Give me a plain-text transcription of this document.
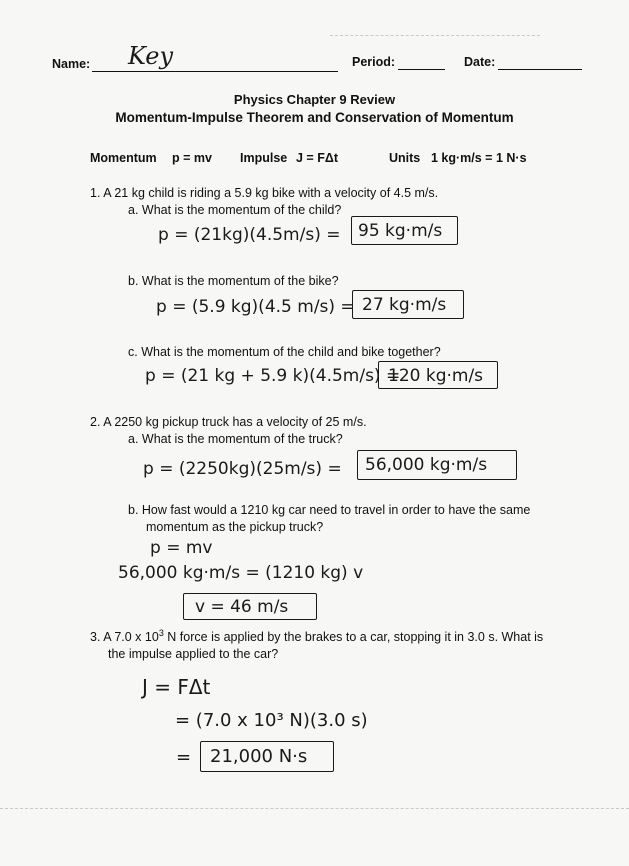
Name: Key	Period:	Date:
Physics Chapter 9 Review
Momentum-Impulse Theorem and Conservation of Momentum
Momentum p = mv Impulse J = FΔt	Units 1 kg·m/s = 1 N·s
1. A 21 kg child is riding a 5.9 kg bike with a velocity of 4.5 m/s.
a. What is the momentum of the child?
p = (21kg)(4.5m/s) = 95 kg·m/s
b. What is the momentum of the bike?
p = (5.9 kg)(4.5 m/s) = 27 kg·m/s
c. What is the momentum of the child and bike together?
p = (21 kg + 5.9 k)(4.5m/s) =
120 kg·m/s
2. A 2250 kg pickup truck has a velocity of 25 m/s.
a. What is the momentum of the truck?
p = (2250kg)(25m/s) = 56,000 kg·m/s
b. How fast would a 1210 kg car need to travel in order to have the same
momentum as the pickup truck?
p = mv
56,000 kg·m/s = (1210 kg) v
v = 46 m/s
3. A 7.0 x $10^3$ N force is applied by the brakes to a car, stopping it in 3.0 s. What is
the impulse applied to the car?
J = FΔt
= (7.0 x 10³ N)(3.0 s)
= 21,000 N·s
